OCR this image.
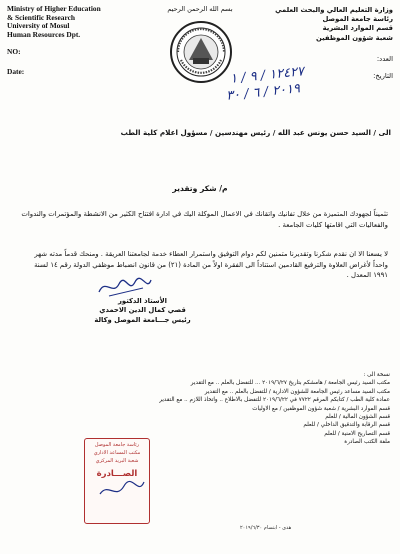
Ministry of Higher Education
& Scientific Research
University of Mosul
Human Resources Dpt.
NO:
Date:
بسم الله الرحمن الرحيم	وزارة التعليم العالي والبحث العلمي
رئاسة جامعة الموصل
قسم الموارد البشرية
شعبة شؤون الموظفين
العدد:
التاريخ:
١٢٤٢٧ / ٩ / ١
٢٠١٩ / ٦ / ٣٠
الى / السيد حسن يونس عبد الله / رئيس مهندسين / مسؤول اعلام كلية الطب
م/ شكر وتقدير
تثميناً لجهودك المتميزة من خلال تفانيك واتقانك في الاعمال الموكلة اليك في ادارة افتتاح الكثير من الانشطة والمؤتمرات والندوات والفعاليات التي اقامتها كليات الجامعة .
لا يسعنا الا ان نقدم شكرنا وتقديرنا متمنين لكم دوام التوفيق واستمرار العطاء خدمة لجامعتنا العريقة . ومنحك قدماً مدته شهر واحداً لأغراض العلاوة والترفيع القادمين استناداً الى الفقرة اولاً من المادة (٢١) من قانون انضباط موظفي الدولة رقم ١٤ لسنة ١٩٩١ المعدل .
الأستاذ الدكتور
قصي كمال الدين الاحمدي
رئيس جـــامعة الموصل وكالة
نسخة الى :
مكتب السيد رئيس الجامعة / هامشكم بتاريخ ٢٠١٩/٦/٢٧ ... للتفضل بالعلم .. مع التقدير
مكتب السيد مساعد رئيس الجامعة للشؤون الادارية / للتفضل بالعلم .. مع التقدير
عمادة كلية الطب / كتابكم المرقم ٧٧٢٢ في ٢٠١٩/٦/٢٢ للتفضل بالاطلاع .. واتخاذ اللازم .. مع التقدير
قسم الموارد البشرية / شعبة شؤون الموظفين / مع الاوليات
قسم الشؤون المالية / للعلم
قسم الرقابة والتدقيق الداخلي / للعلم
قسم التصاريح الامنية / للعلم
ملفة الكتب الصادرة
رئاسة جامعة الموصل
مكتب المساعد الاداري
شعبة البريد المركزي
الصـــادرة
هدى - ابتسام ٢٠١٩/٦/٣٠
